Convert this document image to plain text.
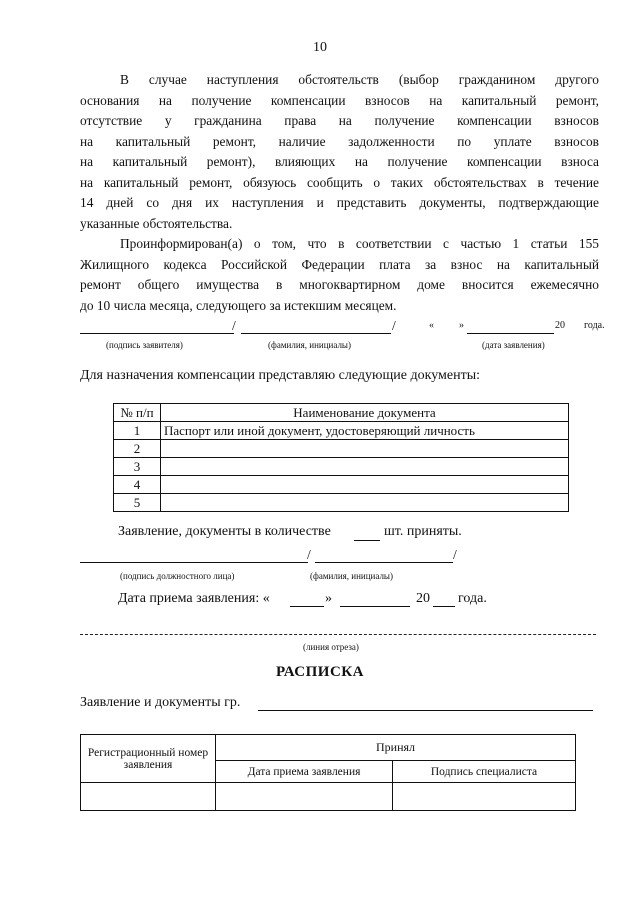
10
В случае наступления обстоятельств (выбор гражданином другого
основания на получение компенсации взносов на капитальный ремонт,
отсутствие у гражданина права на получение компенсации взносов
на капитальный ремонт, наличие задолженности по уплате взносов
на капитальный ремонт), влияющих на получение компенсации взноса
на капитальный ремонт, обязуюсь сообщить о таких обстоятельствах в течение
14 дней со дня их наступления и представить документы, подтверждающие
указанные обстоятельства.
Проинформирован(а) о том, что в соответствии с частью 1 статьи 155
Жилищного кодекса Российской Федерации плата за взнос на капитальный
ремонт общего имущества в многоквартирном доме вносится ежемесячно
до 10 числа месяца, следующего за истекшим месяцем.
/	/	«	»	20 года.
(подпись заявителя)	(фамилия, инициалы)	(дата заявления)
Для назначения компенсации представляю следующие документы:
№ п/п	Наименование документа
1	Паспорт или иной документ, удостоверяющий личность
2	
3	
4	
5	
Заявление, документы в количестве	шт. приняты.
/	/
(подпись должностного лица)	(фамилия, инициалы)
Дата приема заявления: «	»	20 года.
(линия отреза)
РАСПИСКА
Заявление и документы гр.
Регистрационный номер заявления	Принял	
	Дата приема заявления	Подпись специалиста
